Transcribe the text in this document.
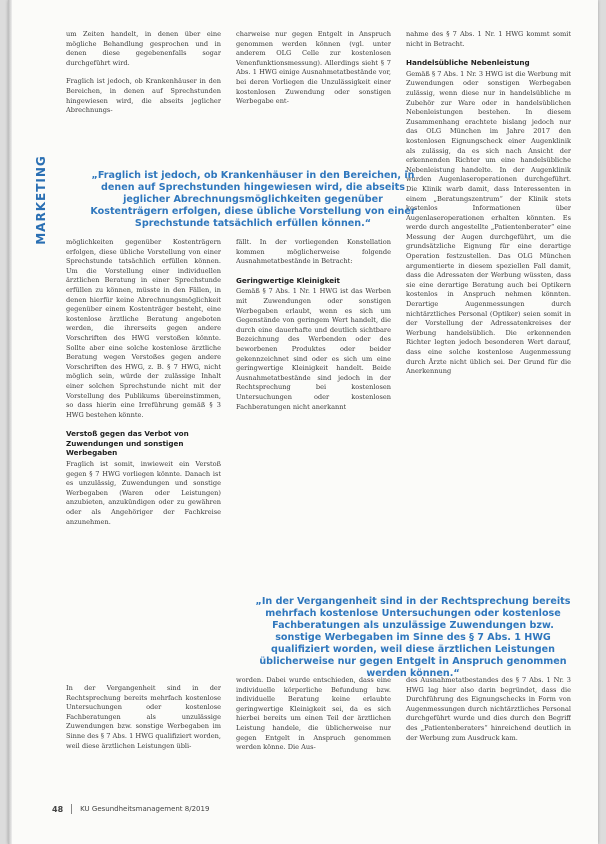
MARKETING

um Zeiten handelt, in denen über eine mögliche Behandlung gesprochen und in denen diese gegebenenfalls sogar durchgeführt wird.

Fraglich ist jedoch, ob Krankenhäuser in den Bereichen, in denen auf Sprechstunden hingewiesen wird, die abseits jeglicher Abrechnungs-

charweise nur gegen Entgelt in Anspruch genommen werden können (vgl. unter anderem OLG Celle zur kostenlosen Venenfunktionsmessung). Allerdings sieht § 7 Abs. 1 HWG einige Ausnahmetatbestände vor, bei deren Vorliegen die Unzulässigkeit einer kostenlosen Zuwendung oder sonstigen Werbegabe ent-

nahme des § 7 Abs. 1 Nr. 1 HWG kommt somit nicht in Betracht.

Handelsübliche Nebenleistung

Gemäß § 7 Abs. 1 Nr. 3 HWG ist die Werbung mit Zuwendungen oder sonstigen Werbegaben zulässig, wenn diese nur in handelsübliche m Zubehör zur Ware oder in handelsüblichen Nebenleistungen bestehen. In diesem Zusammenhang erachtete bislang jedoch nur das OLG München im Jahre 2017 den kostenlosen Eignungscheck einer Augenklinik als zulässig, da es sich nach Ansicht der erkennenden Richter um eine handelsübliche Nebenleistung handelte. In der Augenklinik wurden Augenlaseroperationen durchgeführt. Die Klinik warb damit, dass Interessenten in einem „Beratungszentrum“ der Klinik stets kostenlos Informationen über Augenlaseroperationen erhalten könnten. Es werde durch angestellte „Patientenberater“ eine Messung der Augen durchgeführt, um die grundsätzliche Eignung für eine derartige Operation festzustellen. Das OLG München argumentierte in diesem speziellen Fall damit, dass die Adressaten der Werbung wüssten, dass sie eine derartige Beratung auch bei Optikern kostenlos in Anspruch nehmen könnten. Derartige Augenmessungen durch nichtärztliches Personal (Optiker) seien somit in der Vorstellung der Adressatenkreises der Werbung handelsüblich. Die erkennenden Richter legten jedoch besonderen Wert darauf, dass eine solche kostenlose Augenmessung durch Ärzte nicht üblich sei. Der Grund für die Anerkennung

„Fraglich ist jedoch, ob Krankenhäuser in den Bereichen, in denen auf Sprechstunden hingewiesen wird, die abseits jeglicher Abrechnungsmöglichkeiten gegenüber Kostenträgern erfolgen, diese übliche Vorstellung von einer Sprechstunde tatsächlich erfüllen können.“

möglichkeiten gegenüber Kostenträgern erfolgen, diese übliche Vorstellung von einer Sprechstunde tatsächlich erfüllen können. Um die Vorstellung einer individuellen ärztlichen Beratung in einer Sprechstunde erfüllen zu können, müsste in den Fällen, in denen hierfür keine Abrechnungsmöglichkeit gegenüber einem Kostenträger besteht, eine kostenlose ärztliche Beratung angeboten werden, die ihrerseits gegen andere Vorschriften des HWG verstoßen könnte. Sollte aber eine solche kostenlose ärztliche Beratung wegen Verstoßes gegen andere Vorschriften des HWG, z. B. § 7 HWG, nicht möglich sein, würde der zulässige Inhalt einer solchen Sprechstunde nicht mit der Vorstellung des Publikums übereinstimmen, so dass hierin eine Irreführung gemäß § 3 HWG bestehen könnte.

Verstoß gegen das Verbot von Zuwendungen und sonstigen Werbegaben

Fraglich ist somit, inwieweit ein Verstoß gegen § 7 HWG vorliegen könnte. Danach ist es unzulässig, Zuwendungen und sonstige Werbegaben (Waren oder Leistungen) anzubieten, anzukündigen oder zu gewähren oder als Angehöriger der Fachkreise anzunehmen.

fällt. In der vorliegenden Konstellation kommen möglicherweise folgende Ausnahmetatbestände in Betracht:

Geringwertige Kleinigkeit

Gemäß § 7 Abs. 1 Nr. 1 HWG ist das Werben mit Zuwendungen oder sonstigen Werbegaben erlaubt, wenn es sich um Gegenstände von geringem Wert handelt, die durch eine dauerhafte und deutlich sichtbare Bezeichnung des Werbenden oder des beworbenen Produktes oder beider gekennzeichnet sind oder es sich um eine geringwertige Kleinigkeit handelt. Beide Ausnahmetatbestände sind jedoch in der Rechtsprechung bei kostenlosen Untersuchungen oder kostenlosen Fachberatungen nicht anerkannt

„In der Vergangenheit sind in der Rechtsprechung bereits mehrfach kostenlose Untersuchungen oder kostenlose Fachberatungen als unzulässige Zuwendungen bzw. sonstige Werbegaben im Sinne des § 7 Abs. 1 HWG qualifiziert worden, weil diese ärztlichen Leistungen üblicherweise nur gegen Entgelt in Anspruch genommen werden können.“

In der Vergangenheit sind in der Rechtsprechung bereits mehrfach kostenlose Untersuchungen oder kostenlose Fachberatungen als unzulässige Zuwendungen bzw. sonstige Werbegaben im Sinne des § 7 Abs. 1 HWG qualifiziert worden, weil diese ärztlichen Leistungen übli-

worden. Dabei wurde entschieden, dass eine individuelle körperliche Befundung bzw. individuelle Beratung keine erlaubte geringwertige Kleinigkeit sei, da es sich hierbei bereits um einen Teil der ärztlichen Leistung handele, die üblicherweise nur gegen Entgelt in Anspruch genommen werden könne. Die Aus-

des Ausnahmetatbestandes des § 7 Abs. 1 Nr. 3 HWG lag hier also darin begründet, dass die Durchführung des Eignungschecks in Form von Augenmessungen durch nichtärztliches Personal durchgeführt wurde und dies durch den Begriff des „Patientenberaters“ hinreichend deutlich in der Werbung zum Ausdruck kam.

48 KU Gesundheitsmanagement 8/2019
